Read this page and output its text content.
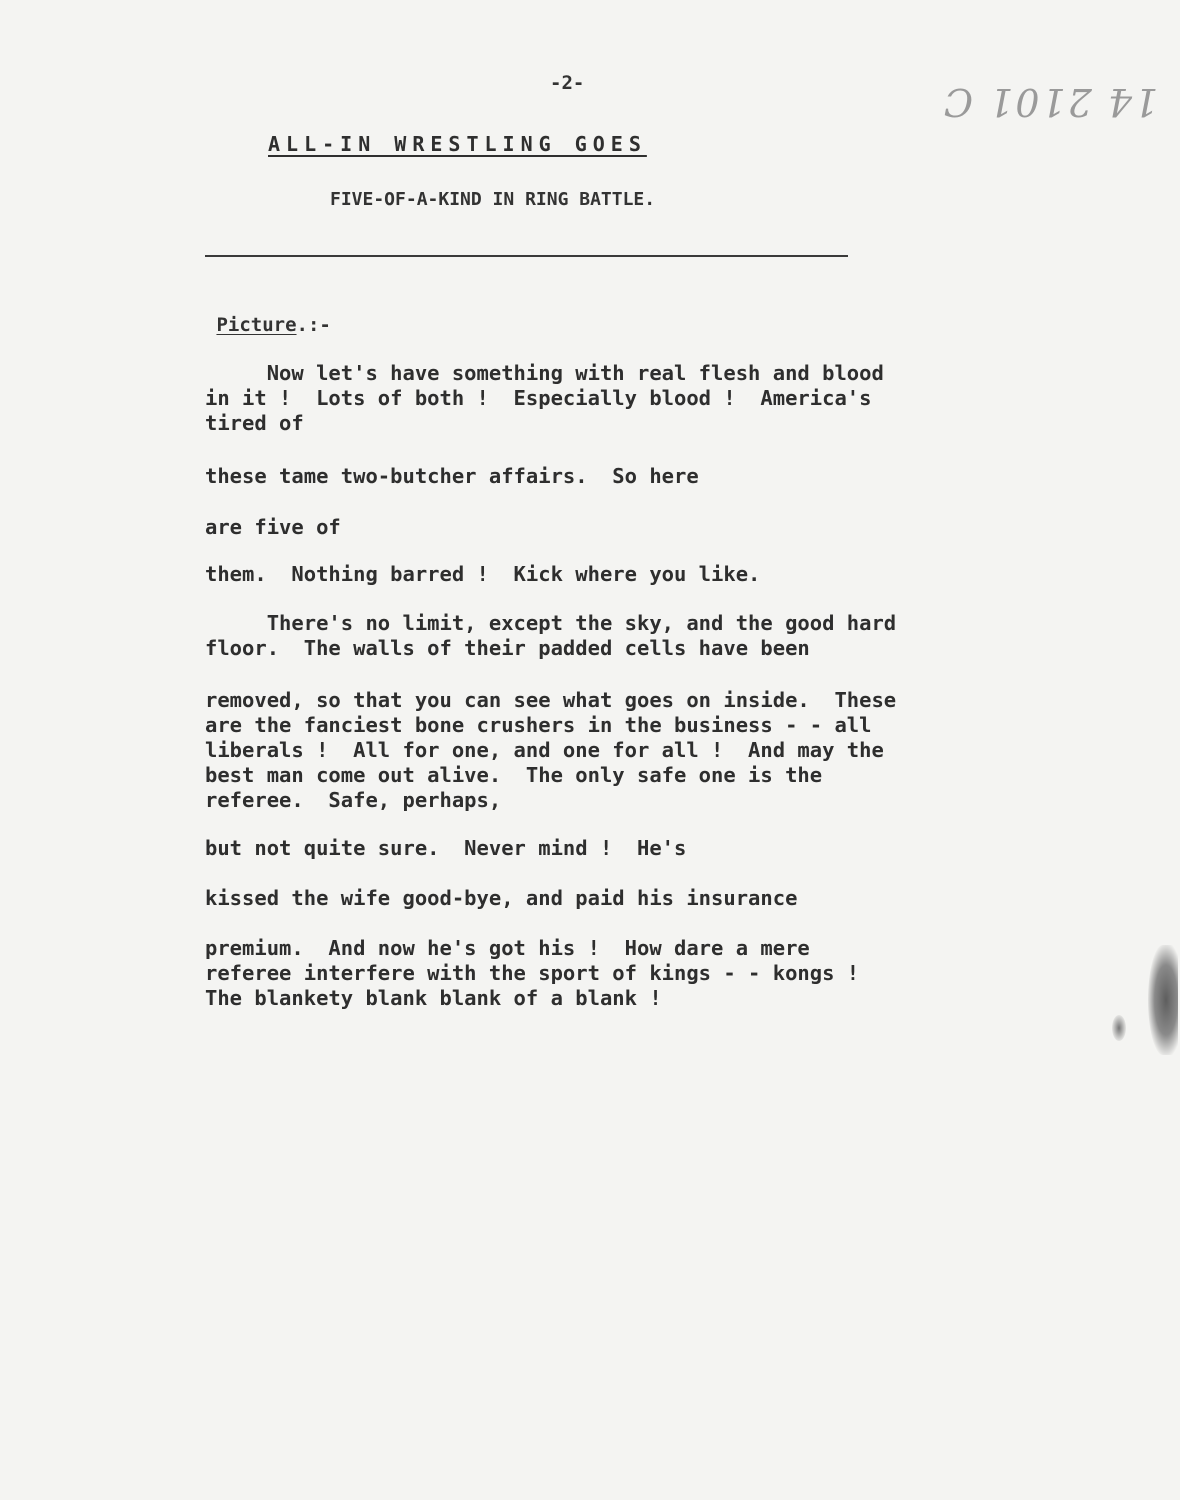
-2-	14 2101 C
ALL-IN WRESTLING GOES
FIVE-OF-A-KIND IN RING BATTLE.
Picture.:-
Now let's have something with real flesh and blood
in it !  Lots of both !  Especially blood !  America's
tired of
these tame two-butcher affairs.  So here
are five of
them.  Nothing barred !  Kick where you like.
There's no limit, except the sky, and the good hard
floor.  The walls of their padded cells have been
removed, so that you can see what goes on inside.  These
are the fanciest bone crushers in the business - - all
liberals !  All for one, and one for all !  And may the
best man come out alive.  The only safe one is the
referee.  Safe, perhaps,
but not quite sure.  Never mind !  He's
kissed the wife good-bye, and paid his insurance
premium.  And now he's got his !  How dare a mere
referee interfere with the sport of kings - - kongs !
The blankety blank blank of a blank !
